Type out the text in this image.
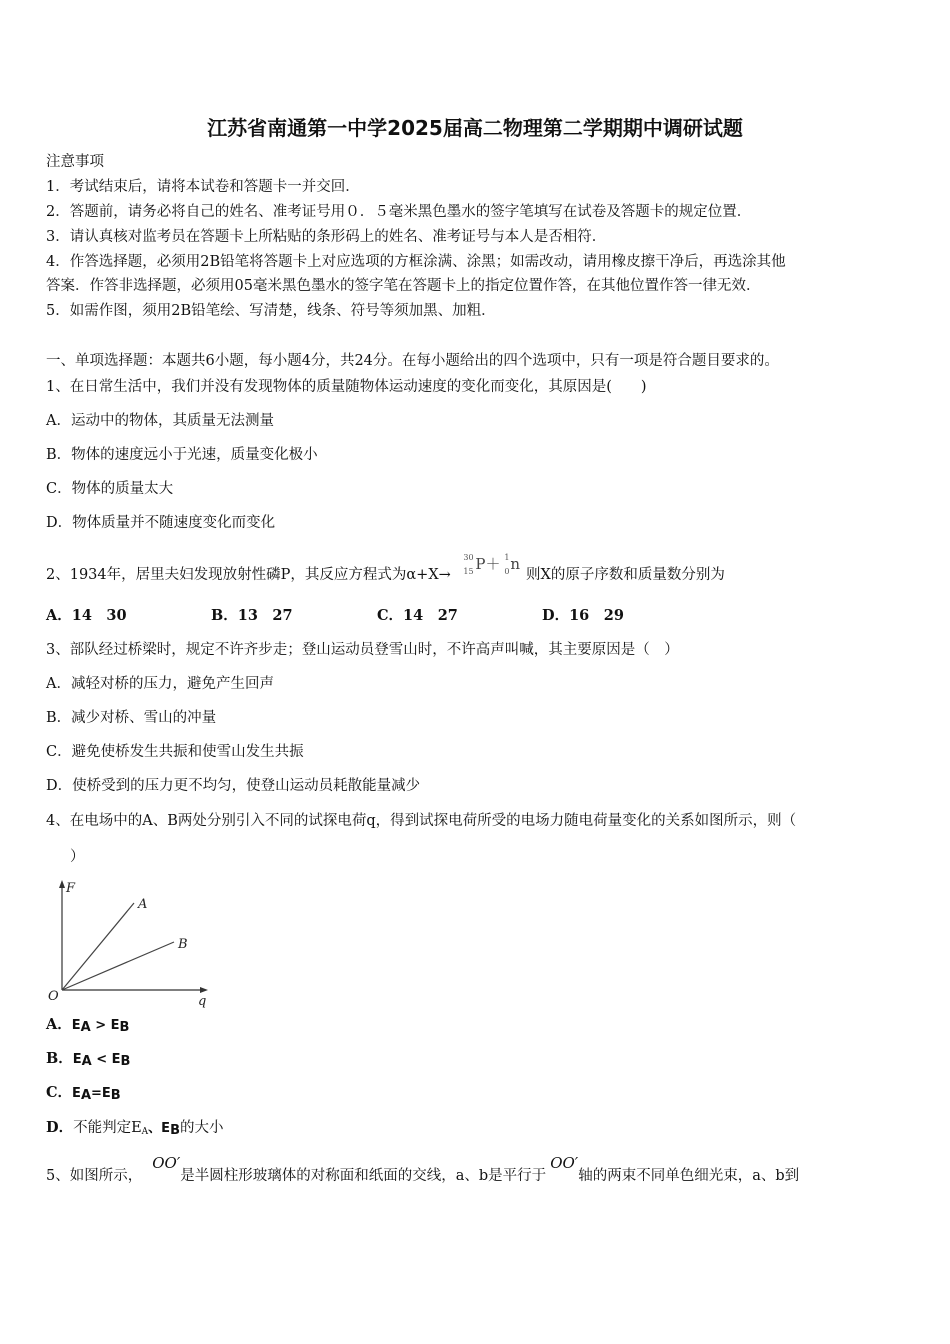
江苏省南通第一中学2025届高二物理第二学期期中调研试题
注意事项
1．考试结束后，请将本试卷和答题卡一并交回．
2．答题前，请务必将自己的姓名、准考证号用０．５毫米黑色墨水的签字笔填写在试卷及答题卡的规定位置．
3．请认真核对监考员在答题卡上所粘贴的条形码上的姓名、准考证号与本人是否相符．
4．作答选择题，必须用2B铅笔将答题卡上对应选项的方框涂满、涂黑；如需改动，请用橡皮擦干净后，再选涂其他
答案．作答非选择题，必须用05毫米黑色墨水的签字笔在答题卡上的指定位置作答，在其他位置作答一律无效．
5．如需作图，须用2B铅笔绘、写清楚，线条、符号等须加黑、加粗．
一、单项选择题：本题共6小题，每小题4分，共24分。在每小题给出的四个选项中，只有一项是符合题目要求的。
1、在日常生活中，我们并没有发现物体的质量随物体运动速度的变化而变化，其原因是(　　)
A．运动中的物体，其质量无法测量
B．物体的速度远小于光速，质量变化极小
C．物体的质量太大
D．物体质量并不随速度变化而变化
2、1934年，居里夫妇发现放射性磷P，其反应方程式为α+X→
30
15 P＋ 1
0 n
则X的原子序数和质量数分别为
A．14　30	B．13　27	C．14　27	D．16　29
3、部队经过桥梁时，规定不许齐步走；登山运动员登雪山时，不许高声叫喊，其主要原因是（　）
A．减轻对桥的压力，避免产生回声
B．减少对桥、雪山的冲量
C．避免使桥发生共振和使雪山发生共振
D．使桥受到的压力更不均匀，使登山运动员耗散能量减少
4、在电场中的A、B两处分别引入不同的试探电荷q，得到试探电荷所受的电场力随电荷量变化的关系如图所示，则（
）
F
q
O
A
B
A．EA > EB
B．EA < EB
C．EA=EB
D．不能判定$E_A$、EB的大小
5、如图所示，OO′是半圆柱形玻璃体的对称面和纸面的交线，a、b是平行于OO′轴的两束不同单色细光束，a、b到
